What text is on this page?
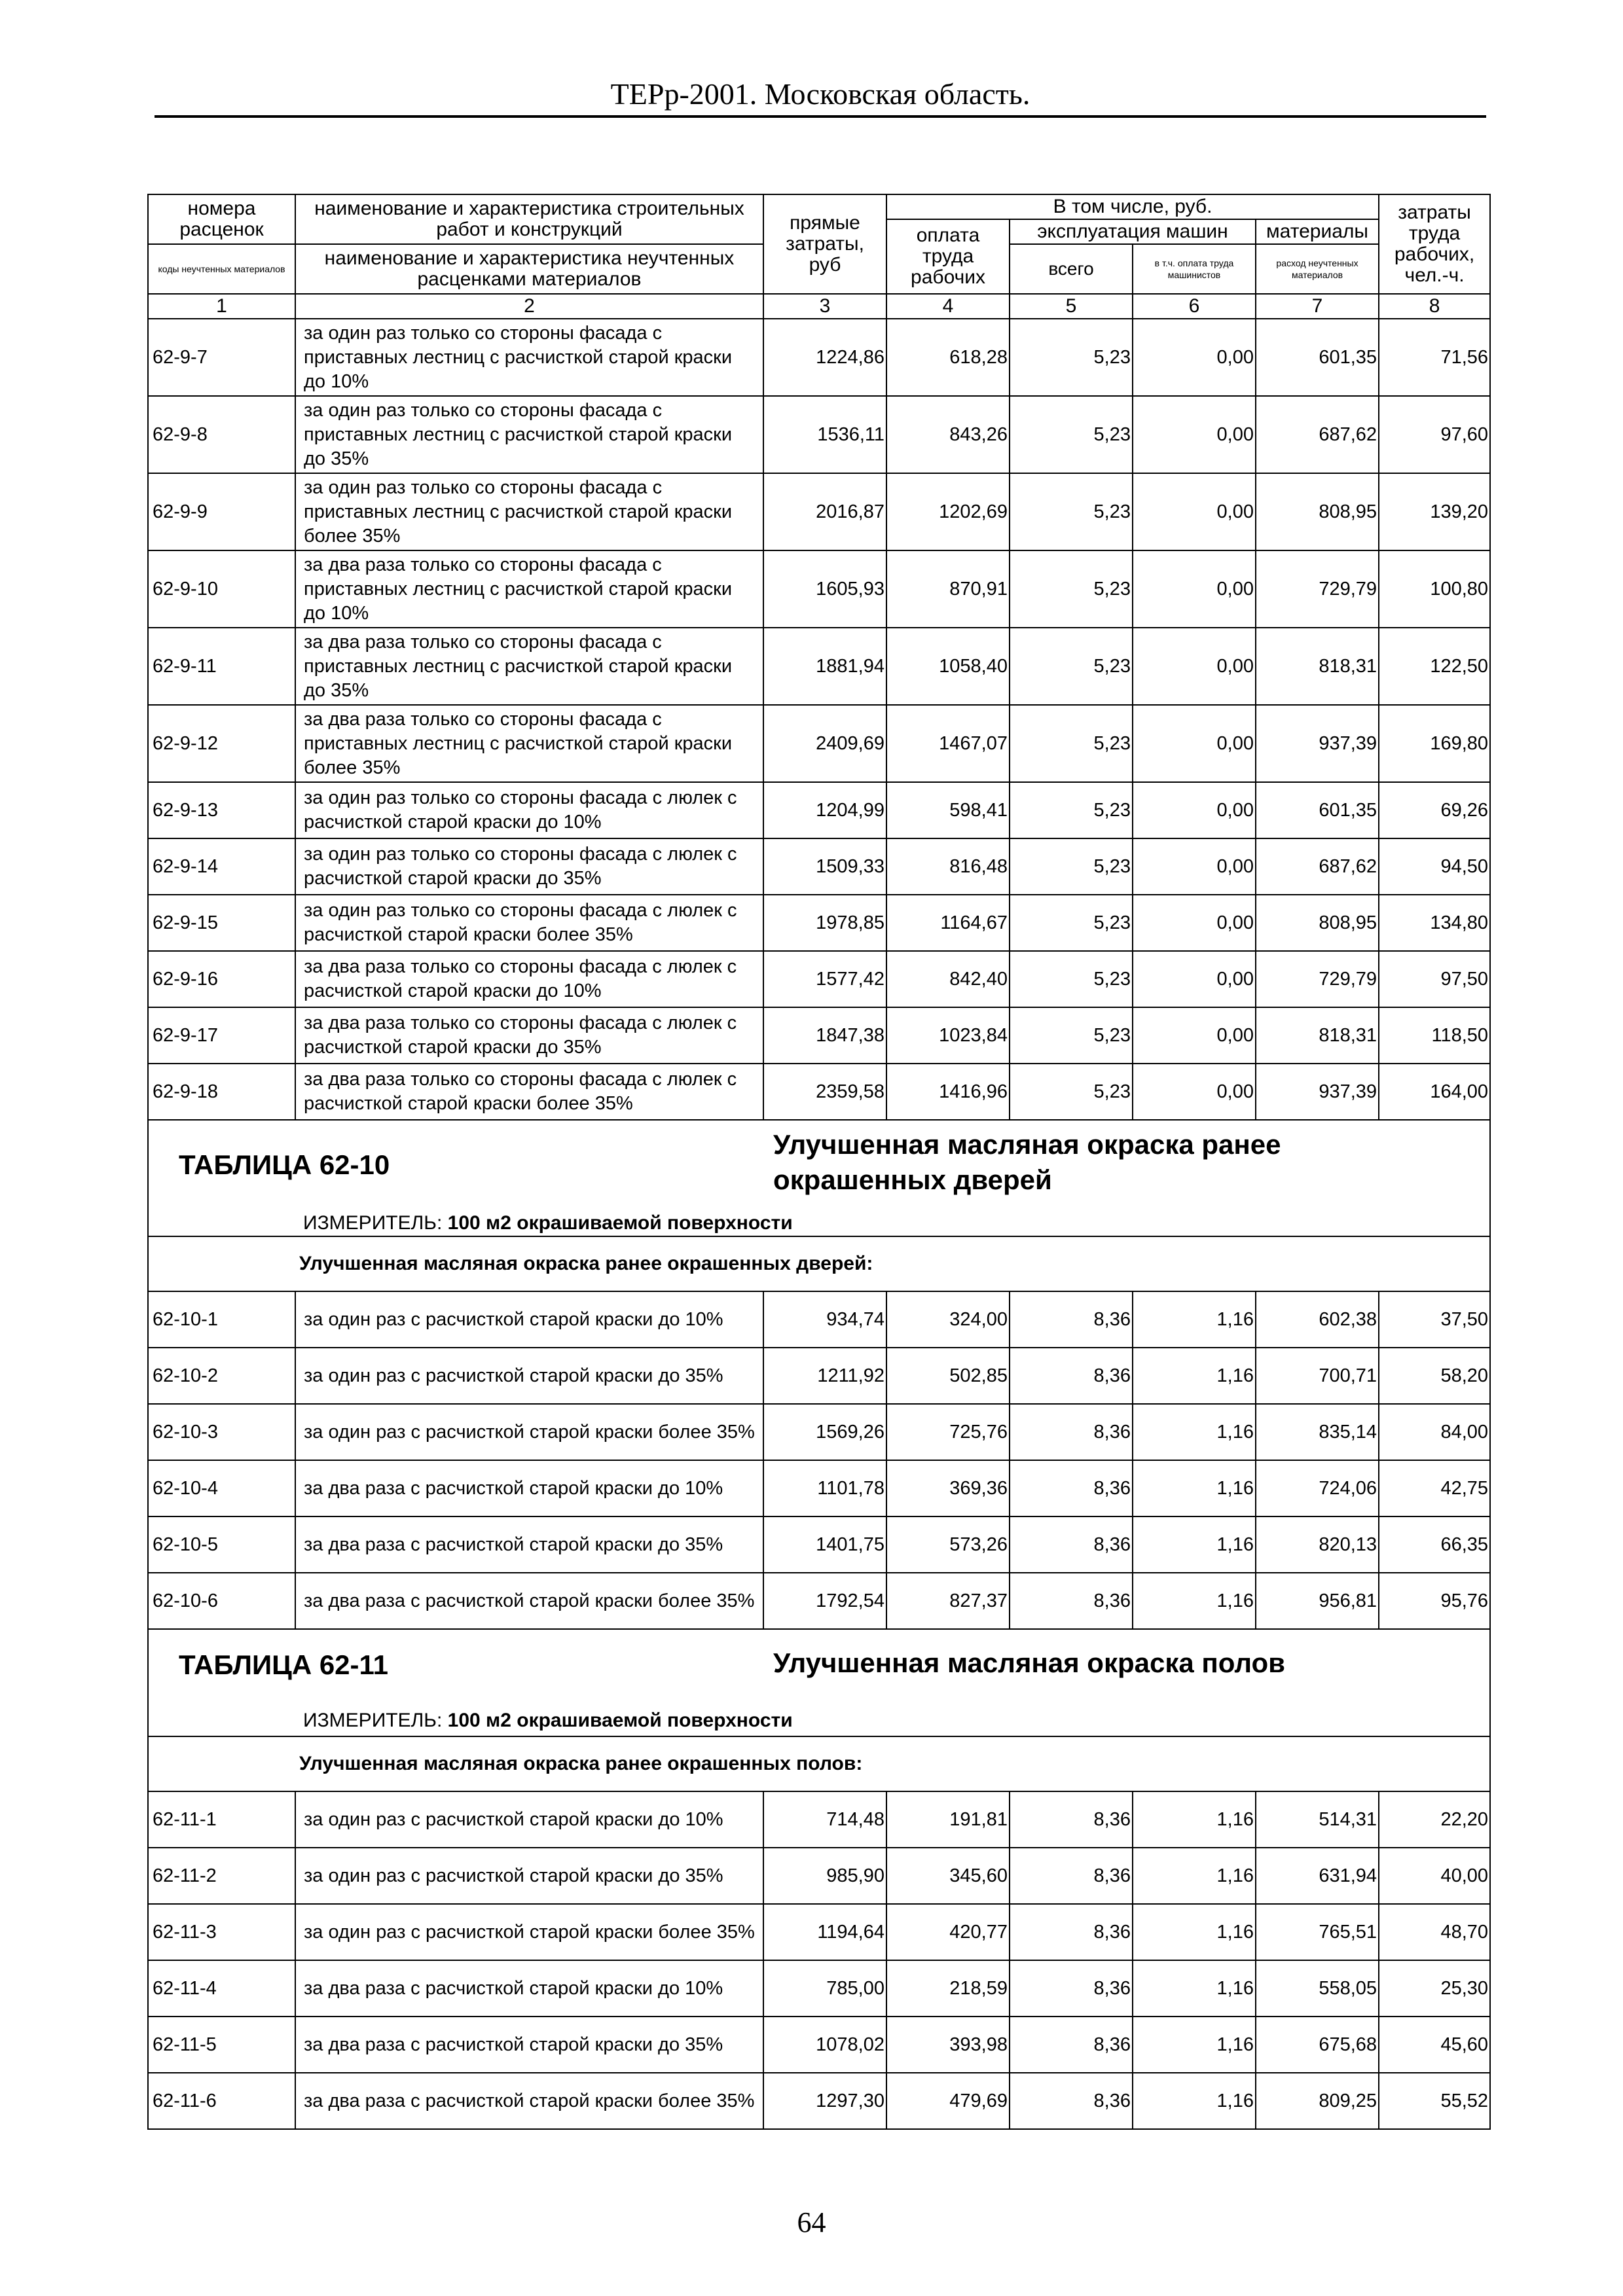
ТЕРр-2001. Московская область.
номера расценок	наименование и характеристика строительных работ и конструкций	прямые затраты, руб	В том числе, руб.				затраты труда рабочих, чел.-ч.
			оплата труда рабочих	эксплуатация машин		материалы	
коды неучтенных материалов	наименование и характеристика неучтенных расценками материалов			всего	в т.ч. оплата труда машинистов	расход неучтенных материалов	

1	2	3	4	5	6	7	8
62-9-7	за один раз только со стороны фасада с приставных лестниц с расчисткой старой краски до 10%	1224,86	618,28	5,23	0,00	601,35	71,56
62-9-8	за один раз только со стороны фасада с приставных лестниц с расчисткой старой краски до 35%	1536,11	843,26	5,23	0,00	687,62	97,60
62-9-9	за один раз только со стороны фасада с приставных лестниц с расчисткой старой краски более 35%	2016,87	1202,69	5,23	0,00	808,95	139,20
62-9-10	за два раза только со стороны фасада с приставных лестниц с расчисткой старой краски до 10%	1605,93	870,91	5,23	0,00	729,79	100,80
62-9-11	за два раза только со стороны фасада с приставных лестниц с расчисткой старой краски до 35%	1881,94	1058,40	5,23	0,00	818,31	122,50
62-9-12	за два раза только со стороны фасада с приставных лестниц с расчисткой старой краски более 35%	2409,69	1467,07	5,23	0,00	937,39	169,80
62-9-13	за один раз только со стороны фасада с люлек с расчисткой старой краски до 10%	1204,99	598,41	5,23	0,00	601,35	69,26
62-9-14	за один раз только со стороны фасада с люлек с расчисткой старой краски до 35%	1509,33	816,48	5,23	0,00	687,62	94,50
62-9-15	за один раз только со стороны фасада с люлек с расчисткой старой краски более 35%	1978,85	1164,67	5,23	0,00	808,95	134,80
62-9-16	за два раза только со стороны фасада с люлек с расчисткой старой краски до 10%	1577,42	842,40	5,23	0,00	729,79	97,50
62-9-17	за два раза только со стороны фасада с люлек с расчисткой старой краски до 35%	1847,38	1023,84	5,23	0,00	818,31	118,50
62-9-18	за два раза только со стороны фасада с люлек с расчисткой старой краски более 35%	2359,58	1416,96	5,23	0,00	937,39	164,00

ТАБЛИЦА 62-10
Улучшенная масляная окраска ранее окрашенных дверей
ИЗМЕРИТЕЛЬ: 100 м2 окрашиваемой поверхности							

Улучшенная масляная окраска ранее окрашенных дверей:							
62-10-1	за один раз с расчисткой старой краски до 10%	934,74	324,00	8,36	1,16	602,38	37,50
62-10-2	за один раз с расчисткой старой краски до 35%	1211,92	502,85	8,36	1,16	700,71	58,20
62-10-3	за один раз с расчисткой старой краски более 35%	1569,26	725,76	8,36	1,16	835,14	84,00
62-10-4	за два раза с расчисткой старой краски до 10%	1101,78	369,36	8,36	1,16	724,06	42,75
62-10-5	за два раза с расчисткой старой краски до 35%	1401,75	573,26	8,36	1,16	820,13	66,35
62-10-6	за два раза с расчисткой старой краски более 35%	1792,54	827,37	8,36	1,16	956,81	95,76

ТАБЛИЦА 62-11 Улучшенная масляная окраска полов
ИЗМЕРИТЕЛЬ: 100 м2 окрашиваемой поверхности							

Улучшенная масляная окраска ранее окрашенных полов:							
62-11-1	за один раз с расчисткой старой краски до 10%	714,48	191,81	8,36	1,16	514,31	22,20
62-11-2	за один раз с расчисткой старой краски до 35%	985,90	345,60	8,36	1,16	631,94	40,00
62-11-3	за один раз с расчисткой старой краски более 35%	1194,64	420,77	8,36	1,16	765,51	48,70
62-11-4	за два раза с расчисткой старой краски до 10%	785,00	218,59	8,36	1,16	558,05	25,30
62-11-5	за два раза с расчисткой старой краски до 35%	1078,02	393,98	8,36	1,16	675,68	45,60
62-11-6	за два раза с расчисткой старой краски более 35%	1297,30	479,69	8,36	1,16	809,25	55,52
64
